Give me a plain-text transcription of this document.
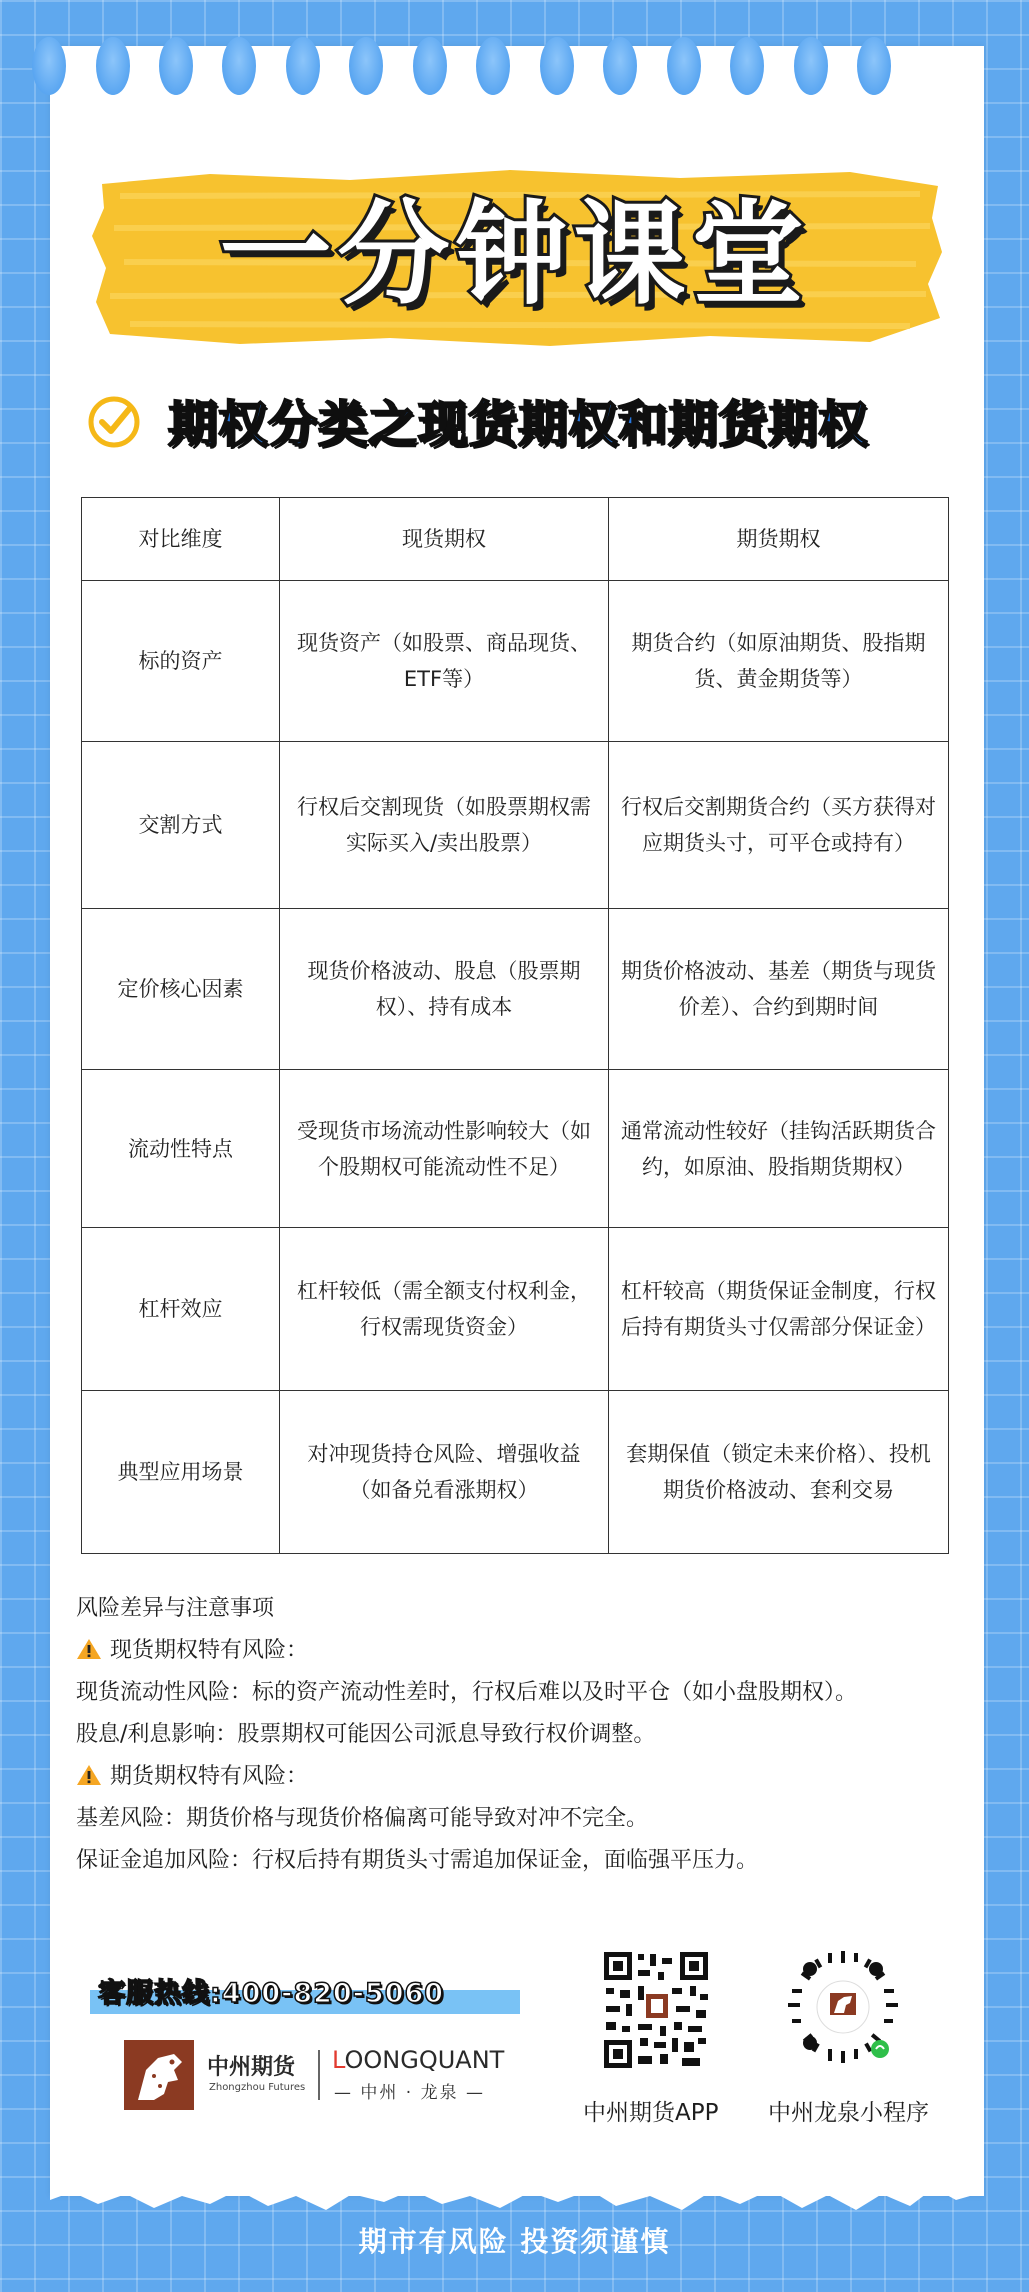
一分钟课堂
期权分类之现货期权和期货期权
对比维度	现货期权	期货期权
标的资产	现货资产（如股票、商品现货、ETF等）	期货合约（如原油期货、股指期货、黄金期货等）
交割方式	行权后交割现货（如股票期权需实际买入/卖出股票）	行权后交割期货合约（买方获得对应期货头寸，可平仓或持有）
定价核心因素	现货价格波动、股息（股票期权）、持有成本	期货价格波动、基差（期货与现货价差）、合约到期时间
流动性特点	受现货市场流动性影响较大（如个股期权可能流动性不足）	通常流动性较好（挂钩活跃期货合约，如原油、股指期货期权）
杠杆效应	杠杆较低（需全额支付权利金，行权需现货资金）	杠杆较高（期货保证金制度，行权后持有期货头寸仅需部分保证金）
典型应用场景	对冲现货持仓风险、增强收益（如备兑看涨期权）	套期保值（锁定未来价格）、投机期货价格波动、套利交易

风险差异与注意事项

现货期权特有风险：

现货流动性风险：标的资产流动性差时，行权后难以及时平仓（如小盘股期权）。

股息/利息影响：股票期权可能因公司派息导致行权价调整。

期货期权特有风险：

基差风险：期货价格与现货价格偏离可能导致对冲不完全。

保证金追加风险：行权后持有期货头寸需追加保证金，面临强平压力。

客服热线:400-820-5060
中州期货
Zhongzhou Futures
LOONGQUANT
— 中州 · 龙泉 —
中州期货APP 中州龙泉小程序
期市有风险 投资须谨慎
